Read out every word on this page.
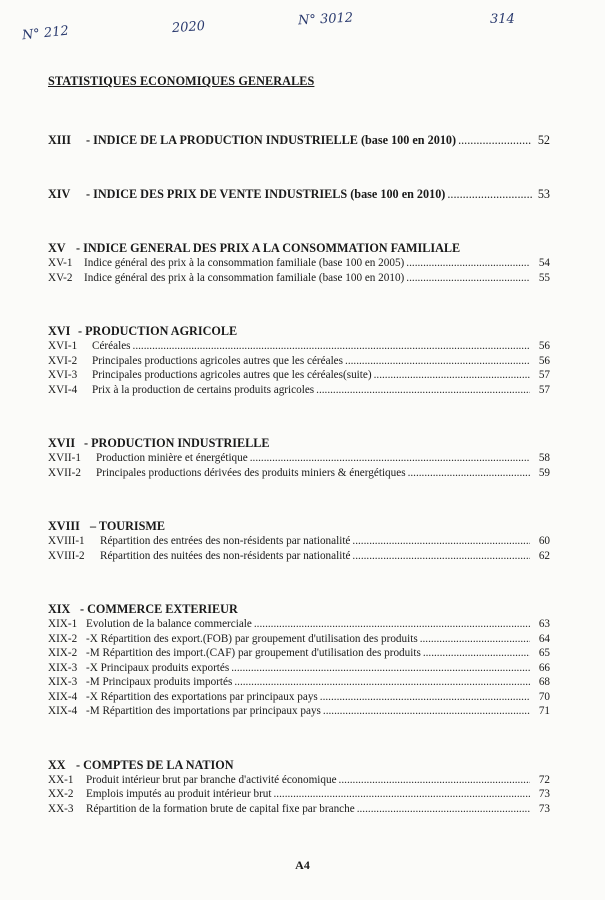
N° 212	2020	N° 3012	314
STATISTIQUES ECONOMIQUES GENERALES
XIII	- INDICE DE LA PRODUCTION INDUSTRIELLE (base 100 en 2010) .....	52
XIV	- INDICE DES PRIX DE VENTE INDUSTRIELS (base 100 en 2010) .....	53
XV - INDICE GENERAL DES PRIX A LA CONSOMMATION FAMILIALE
XV-1	Indice général des prix à la consommation familiale (base 100 en 2005) .....	54
XV-2	Indice général des prix à la consommation familiale (base 100 en 2010) .....	55
XVI - PRODUCTION AGRICOLE
XVI-1	Céréales .....	56
XVI-2	Principales productions agricoles autres que les céréales .....	56
XVI-3	Principales productions agricoles autres que les céréales(suite) .....	57
XVI-4	Prix à la production de certains produits agricoles .....	57
XVII - PRODUCTION INDUSTRIELLE
XVII-1	Production minière et énergétique .....	58
XVII-2	Principales productions dérivées des produits miniers & énergétiques .....	59
XVIII – TOURISME
XVIII-1	Répartition des entrées des non-résidents par nationalité .....	60
XVIII-2	Répartition des nuitées des non-résidents par nationalité .....	62
XIX - COMMERCE EXTERIEUR
XIX-1 Evolution de la balance commerciale .....	63
XIX-2 -X Répartition des export.(FOB) par groupement d'utilisation des produits .....	64
XIX-2 -M Répartition des import.(CAF) par groupement d'utilisation des produits .....	65
XIX-3 -X Principaux produits exportés .....	66
XIX-3 -M Principaux produits importés .....	68
XIX-4 -X Répartition des exportations par principaux pays .....	70
XIX-4 -M Répartition des importations par principaux pays .....	71
XX - COMPTES DE LA NATION
XX-1	Produit intérieur brut par branche d'activité économique .....	72
XX-2	Emplois imputés au produit intérieur brut .....	73
XX-3	Répartition de la formation brute de capital fixe par branche .....	73
A4
